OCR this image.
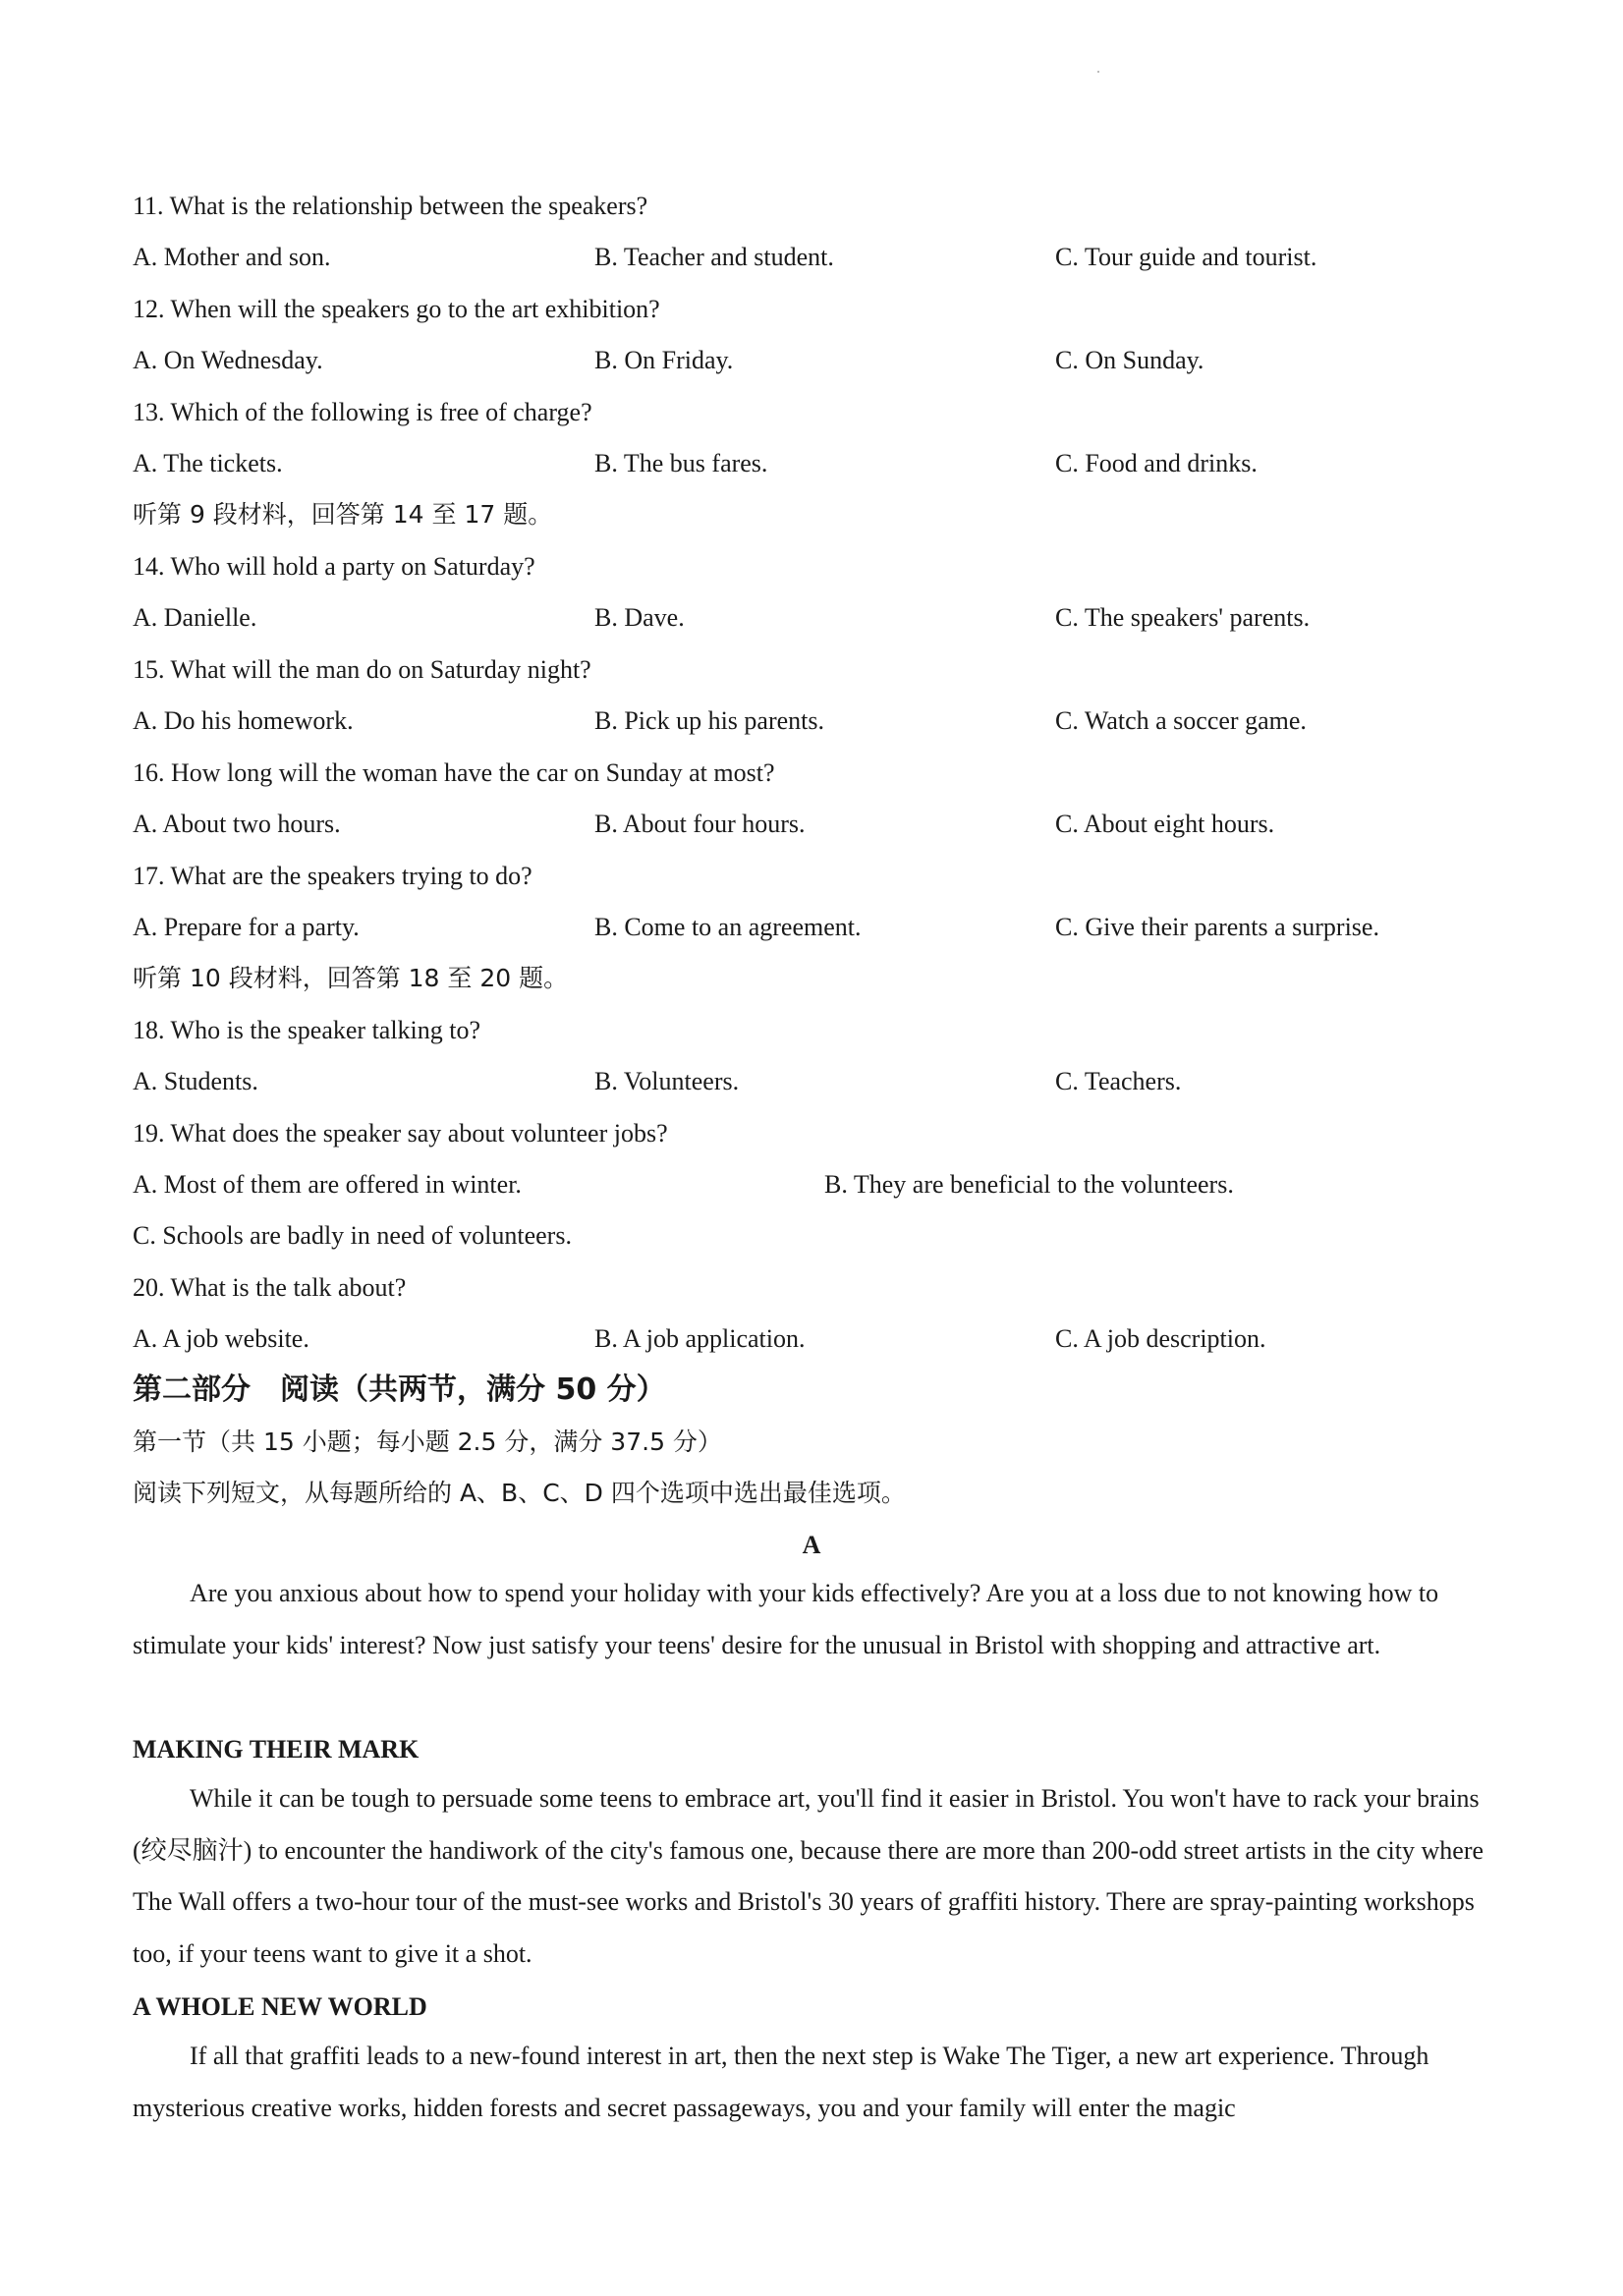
11. What is the relationship between the speakers?
A. Mother and son.	B. Teacher and student.	C. Tour guide and tourist.
12. When will the speakers go to the art exhibition?
A. On Wednesday.	B. On Friday.	C. On Sunday.
13. Which of the following is free of charge?
A. The tickets.	B. The bus fares.	C. Food and drinks.
听第 9 段材料，回答第 14 至 17 题。
14. Who will hold a party on Saturday?
A. Danielle.	B. Dave.	C. The speakers' parents.
15. What will the man do on Saturday night?
A. Do his homework.	B. Pick up his parents.	C. Watch a soccer game.
16. How long will the woman have the car on Sunday at most?
A. About two hours.	B. About four hours.	C. About eight hours.
17. What are the speakers trying to do?
A. Prepare for a party.	B. Come to an agreement.	C. Give their parents a surprise.
听第 10 段材料，回答第 18 至 20 题。
18. Who is the speaker talking to?
A. Students.	B. Volunteers.	C. Teachers.
19. What does the speaker say about volunteer jobs?
A. Most of them are offered in winter.	B. They are beneficial to the volunteers.
C. Schools are badly in need of volunteers.
20. What is the talk about?
A. A job website.	B. A job application.	C. A job description.
第二部分　阅读（共两节，满分 50 分）
第一节（共 15 小题；每小题 2.5 分，满分 37.5 分）
阅读下列短文，从每题所给的 A、B、C、D 四个选项中选出最佳选项。
A
Are you anxious about how to spend your holiday with your kids effectively? Are you at a loss due to not knowing how to stimulate your kids' interest? Now just satisfy your teens' desire for the unusual in Bristol with shopping and attractive art.
MAKING THEIR MARK
While it can be tough to persuade some teens to embrace art, you'll find it easier in Bristol. You won't have to rack your brains (绞尽脑汁) to encounter the handiwork of the city's famous one, because there are more than 200-odd street artists in the city where The Wall offers a two-hour tour of the must-see works and Bristol's 30 years of graffiti history. There are spray-painting workshops too, if your teens want to give it a shot.
A WHOLE NEW WORLD
If all that graffiti leads to a new-found interest in art, then the next step is Wake The Tiger, a new art experience. Through mysterious creative works, hidden forests and secret passageways, you and your family will enter the magic
